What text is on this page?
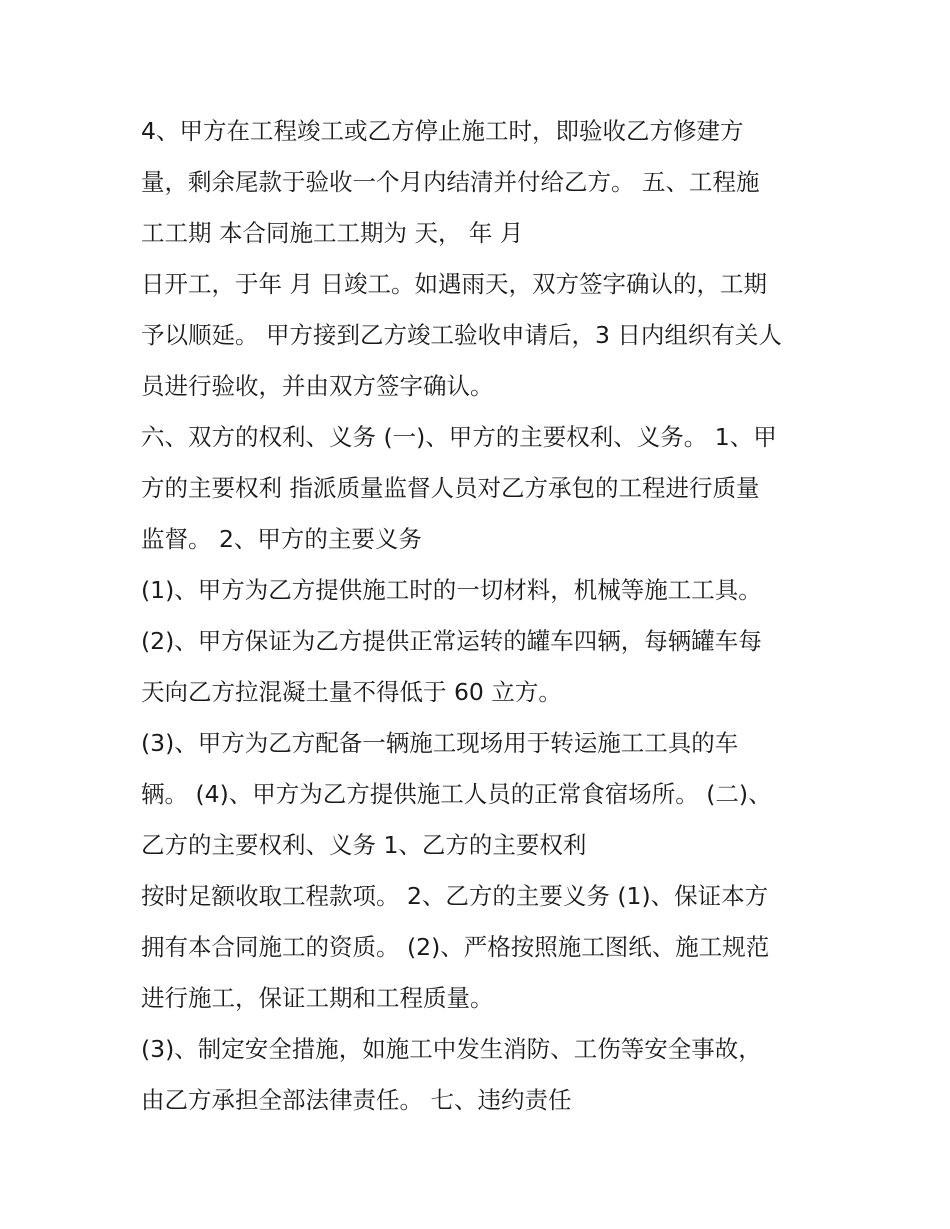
4、甲方在工程竣工或乙方停止施工时，即验收乙方修建方
量，剩余尾款于验收一个月内结清并付给乙方。 五、工程施
工工期 本合同施工工期为 天， 年 月
日开工，于年 月 日竣工。如遇雨天，双方签字确认的，工期
予以顺延。 甲方接到乙方竣工验收申请后，3 日内组织有关人
员进行验收，并由双方签字确认。
六、双方的权利、义务 (一)、甲方的主要权利、义务。 1、甲
方的主要权利 指派质量监督人员对乙方承包的工程进行质量
监督。 2、甲方的主要义务
(1)、甲方为乙方提供施工时的一切材料，机械等施工工具。
(2)、甲方保证为乙方提供正常运转的罐车四辆，每辆罐车每
天向乙方拉混凝土量不得低于 60 立方。
(3)、甲方为乙方配备一辆施工现场用于转运施工工具的车
辆。 (4)、甲方为乙方提供施工人员的正常食宿场所。 (二)、
乙方的主要权利、义务 1、乙方的主要权利
按时足额收取工程款项。 2、乙方的主要义务 (1)、保证本方
拥有本合同施工的资质。 (2)、严格按照施工图纸、施工规范
进行施工，保证工期和工程质量。
(3)、制定安全措施，如施工中发生消防、工伤等安全事故，
由乙方承担全部法律责任。 七、违约责任
